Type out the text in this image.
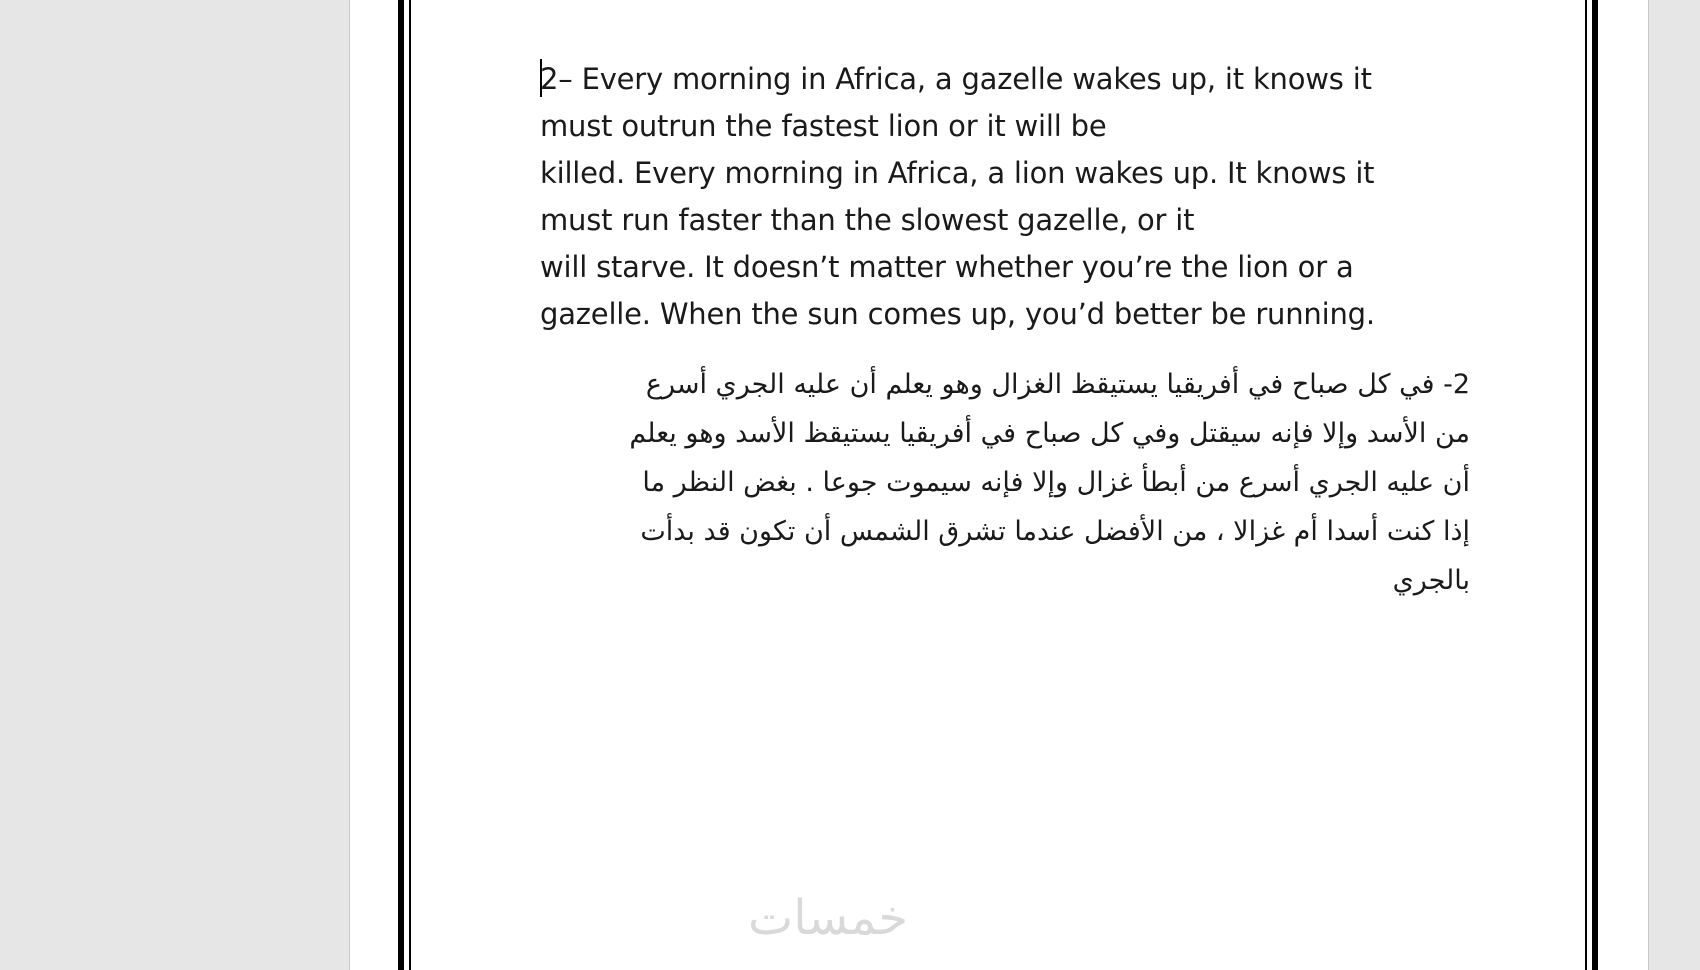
2– Every morning in Africa, a gazelle wakes up, it knows it
must outrun the fastest lion or it will be
killed. Every morning in Africa, a lion wakes up. It knows it
must run faster than the slowest gazelle, or it
will starve. It doesn’t matter whether you’re the lion or a
gazelle. When the sun comes up, you’d better be running.

2- في كل صباح في أفريقيا يستيقظ الغزال وهو يعلم أن عليه الجري أسرع
من الأسد وإلا فإنه سيقتل وفي كل صباح في أفريقيا يستيقظ الأسد وهو يعلم
أن عليه الجري أسرع من أبطأ غزال وإلا فإنه سيموت جوعا . بغض النظر ما
إذا كنت أسدا أم غزالا ، من الأفضل عندما تشرق الشمس أن تكون قد بدأت
بالجري

خمسات
